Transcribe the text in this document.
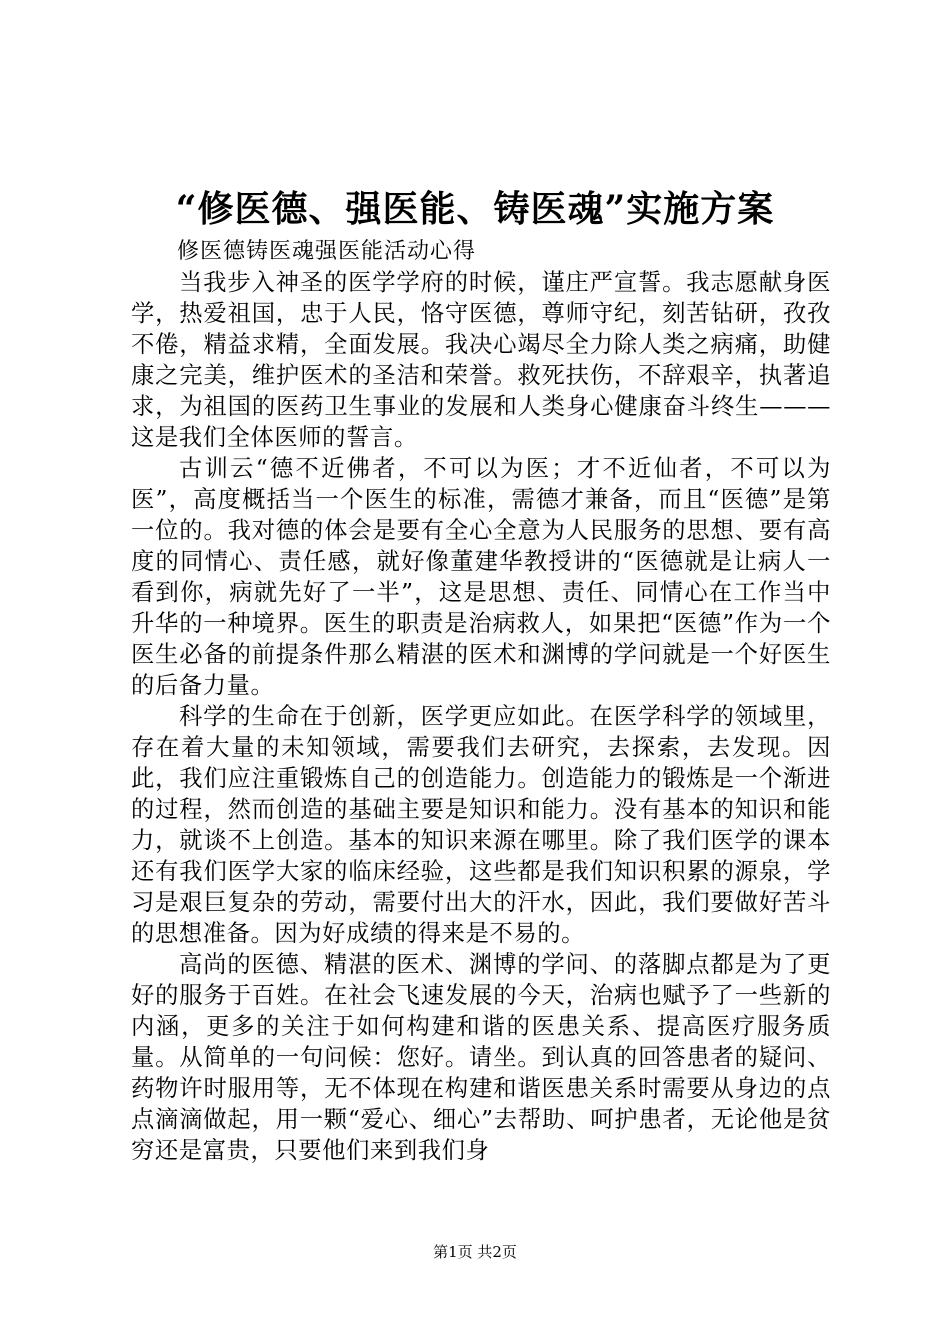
“修医德、强医能、铸医魂”实施方案

修医德铸医魂强医能活动心得

当我步入神圣的医学学府的时候，谨庄严宣誓。我志愿献身医学，热爱祖国，忠于人民，恪守医德，尊师守纪，刻苦钻研，孜孜不倦，精益求精，全面发展。我决心竭尽全力除人类之病痛，助健康之完美，维护医术的圣洁和荣誉。救死扶伤，不辞艰辛，执著追求，为祖国的医药卫生事业的发展和人类身心健康奋斗终生———这是我们全体医师的誓言。

古训云“德不近佛者，不可以为医；才不近仙者，不可以为医”，高度概括当一个医生的标准，需德才兼备，而且“医德”是第一位的。我对德的体会是要有全心全意为人民服务的思想、要有高度的同情心、责任感，就好像董建华教授讲的“医德就是让病人一看到你，病就先好了一半”，这是思想、责任、同情心在工作当中升华的一种境界。医生的职责是治病救人，如果把“医德”作为一个医生必备的前提条件那么精湛的医术和渊博的学问就是一个好医生的后备力量。

科学的生命在于创新，医学更应如此。在医学科学的领域里，存在着大量的未知领域，需要我们去研究，去探索，去发现。因此，我们应注重锻炼自己的创造能力。创造能力的锻炼是一个渐进的过程，然而创造的基础主要是知识和能力。没有基本的知识和能力，就谈不上创造。基本的知识来源在哪里。除了我们医学的课本还有我们医学大家的临床经验，这些都是我们知识积累的源泉，学习是艰巨复杂的劳动，需要付出大的汗水，因此，我们要做好苦斗的思想准备。因为好成绩的得来是不易的。

高尚的医德、精湛的医术、渊博的学问、的落脚点都是为了更好的服务于百姓。在社会飞速发展的今天，治病也赋予了一些新的内涵，更多的关注于如何构建和谐的医患关系、提高医疗服务质量。从简单的一句问候：您好。请坐。到认真的回答患者的疑问、药物许时服用等，无不体现在构建和谐医患关系时需要从身边的点点滴滴做起，用一颗“爱心、细心”去帮助、呵护患者，无论他是贫穷还是富贵，只要他们来到我们身

第1页 共2页
